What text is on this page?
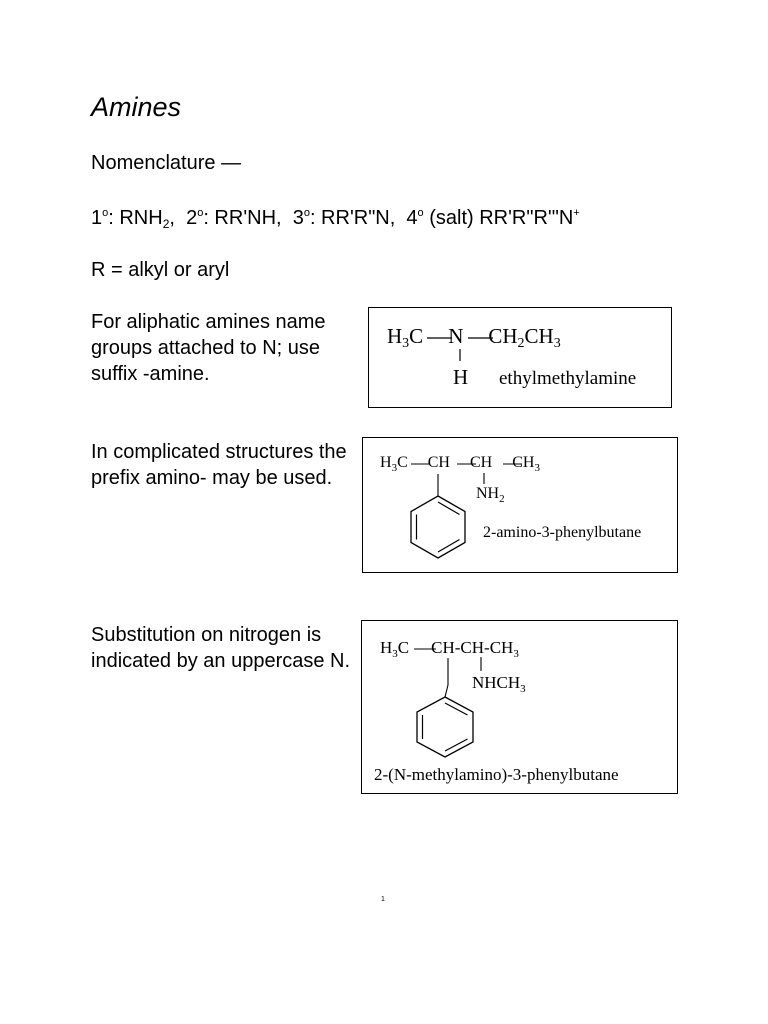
Amines
Nomenclature —
1$^o$: $RNH_2$,  2$^o$: RR'NH,  3$^o$: RR'R"N,  4$^o$ (salt) RR'R"R'"N+
R = alkyl or aryl
For aliphatic amines name groups attached to N; use suffix -amine.
H3C N CH2CH3
H ethylmethylamine
In complicated structures the prefix amino- may be used.
$H_3C$ CH CH $CH_3$
$NH_2$
2-amino-3-phenylbutane
Substitution on nitrogen is indicated by an uppercase N.
$H_3C$ $CH-CH-CH_3$
$NHCH_3$
2-(N-methylamino)-3-phenylbutane
1
